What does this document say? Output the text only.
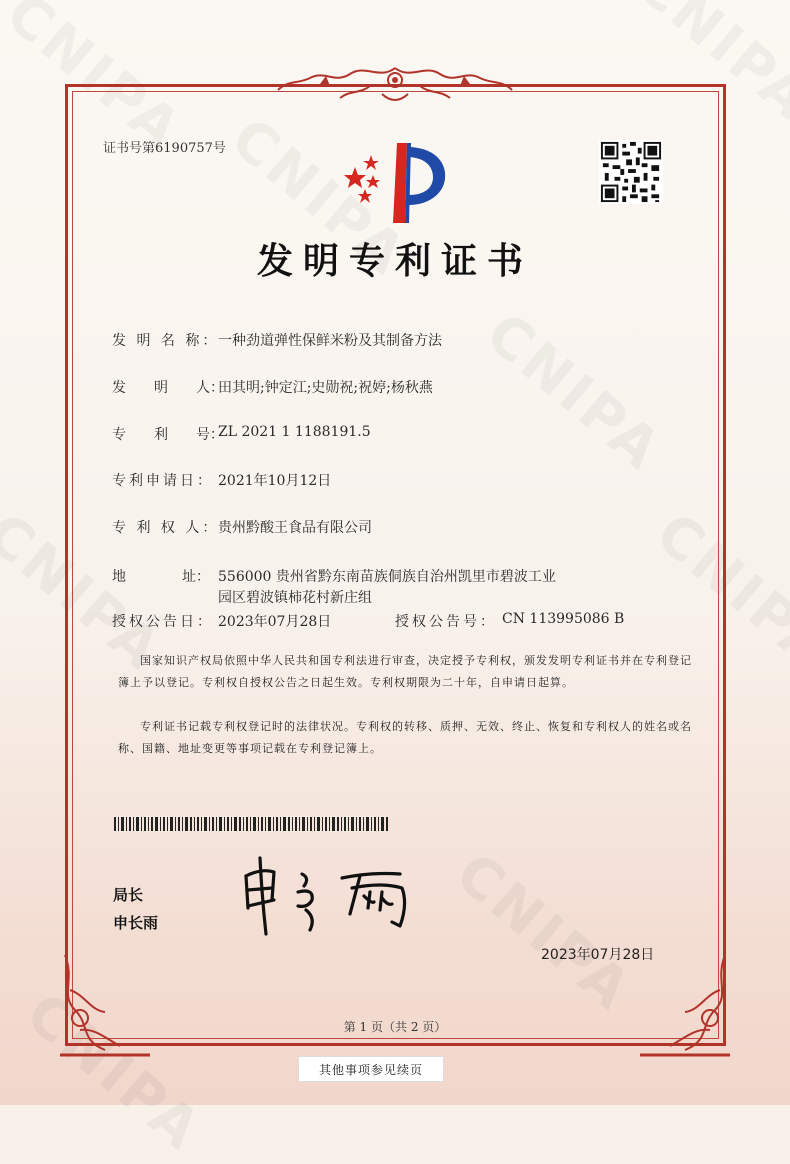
证书号第6190757号
发明专利证书
发 明 名 称：
一种劲道弹性保鲜米粉及其制备方法
发　　明　　人：
田其明;钟定江;史勋祝;祝婷;杨秋燕
专　　利　　号：
ZL 2021 1 1188191.5
专利申请日： 2021年10月12日
专 利 权 人：
贵州黔酸王食品有限公司
地　　　　址： 556000 贵州省黔东南苗族侗族自治州凯里市碧波工业
园区碧波镇柿花村新庄组
授权公告日： 2023年07月28日	授权公告号： CN 113995086 B
国家知识产权局依照中华人民共和国专利法进行审查，决定授予专利权，颁发发明专利证书并在专利登记簿上予以登记。专利权自授权公告之日起生效。专利权期限为二十年，自申请日起算。
专利证书记载专利权登记时的法律状况。专利权的转移、质押、无效、终止、恢复和专利权人的姓名或名称、国籍、地址变更等事项记载在专利登记簿上。
局长
申长雨
2023年07月28日
第 1 页（共 2 页）
其他事项参见续页
